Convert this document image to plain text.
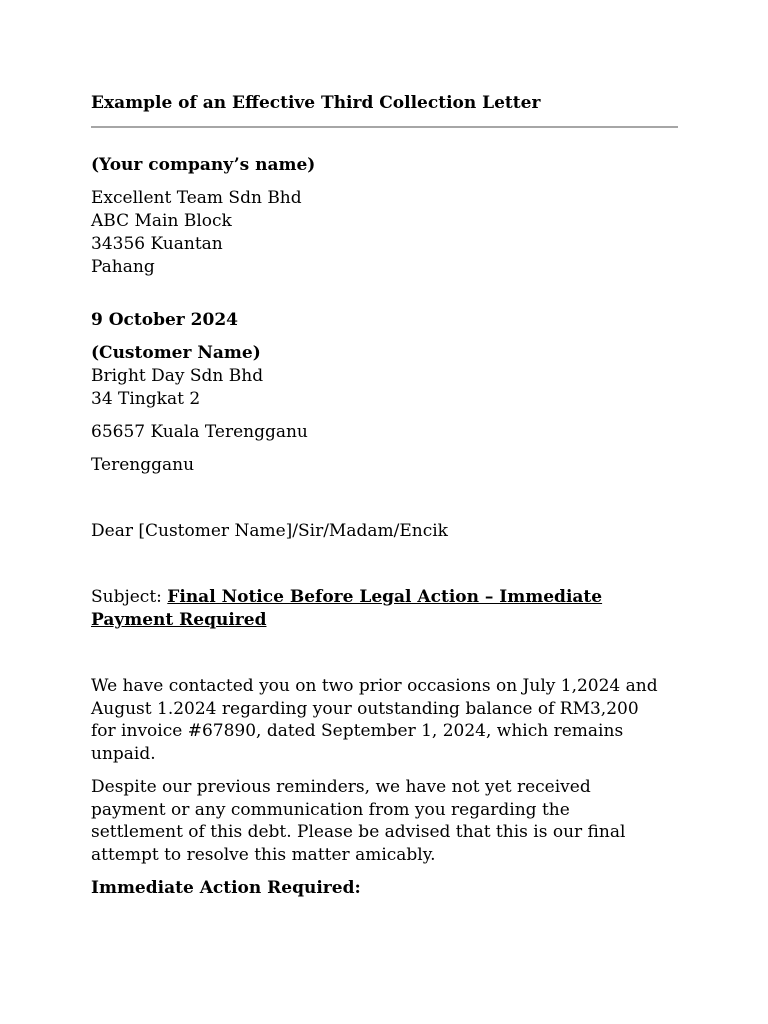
Example of an Effective Third Collection Letter
(Your company’s name)
Excellent Team Sdn Bhd
ABC Main Block
34356 Kuantan
Pahang
9 October 2024
(Customer Name)
Bright Day Sdn Bhd
34 Tingkat 2
65657 Kuala Terengganu
Terengganu
Dear [Customer Name]/Sir/Madam/Encik
Subject: Final Notice Before Legal Action – Immediate
Payment Required
We have contacted you on two prior occasions on July 1,2024 and
August 1.2024 regarding your outstanding balance of RM3,200
for invoice #67890, dated September 1, 2024, which remains
unpaid.
Despite our previous reminders, we have not yet received
payment or any communication from you regarding the
settlement of this debt. Please be advised that this is our final
attempt to resolve this matter amicably.
Immediate Action Required:
